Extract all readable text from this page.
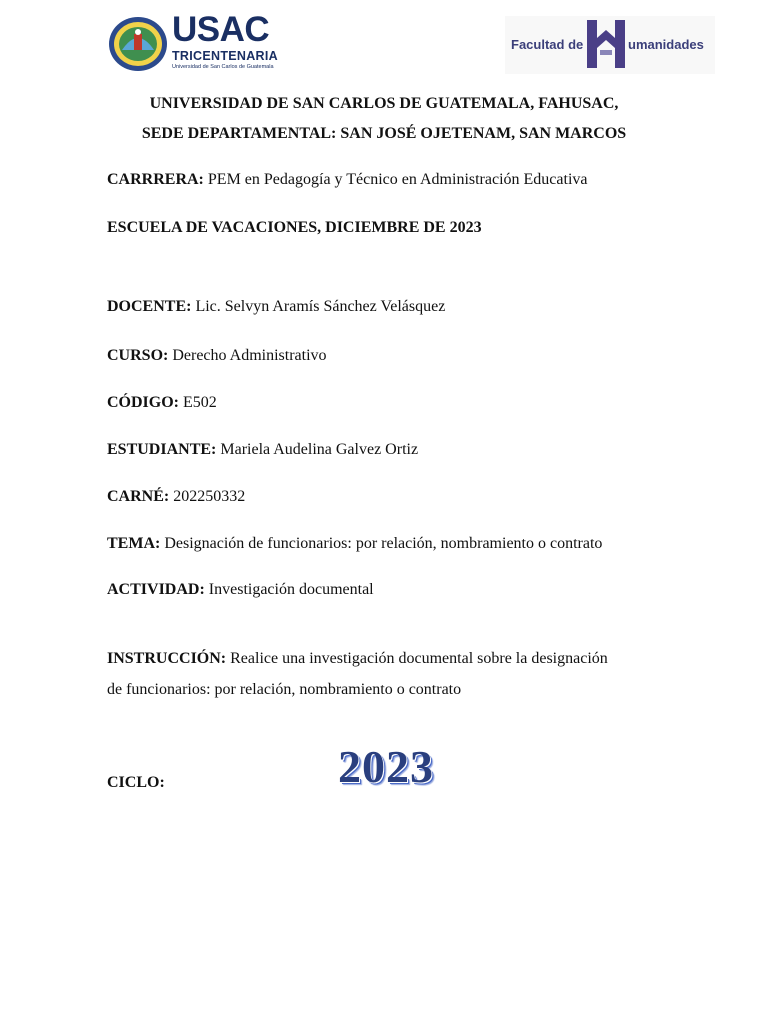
USAC
TRICENTENARIA
Universidad de San Carlos de Guatemala
Facultad de	umanidades
UNIVERSIDAD DE SAN CARLOS DE GUATEMALA, FAHUSAC,
SEDE DEPARTAMENTAL: SAN JOSÉ OJETENAM, SAN MARCOS
CARRRERA: PEM en Pedagogía y Técnico en Administración Educativa
ESCUELA DE VACACIONES, DICIEMBRE DE 2023
DOCENTE: Lic. Selvyn Aramís Sánchez Velásquez
CURSO: Derecho Administrativo
CÓDIGO: E502
ESTUDIANTE: Mariela Audelina Galvez Ortiz
CARNÉ: 202250332
TEMA: Designación de funcionarios: por relación, nombramiento o contrato
ACTIVIDAD: Investigación documental
INSTRUCCIÓN: Realice una investigación documental sobre la designación
de funcionarios: por relación, nombramiento o contrato
CICLO:	2023
